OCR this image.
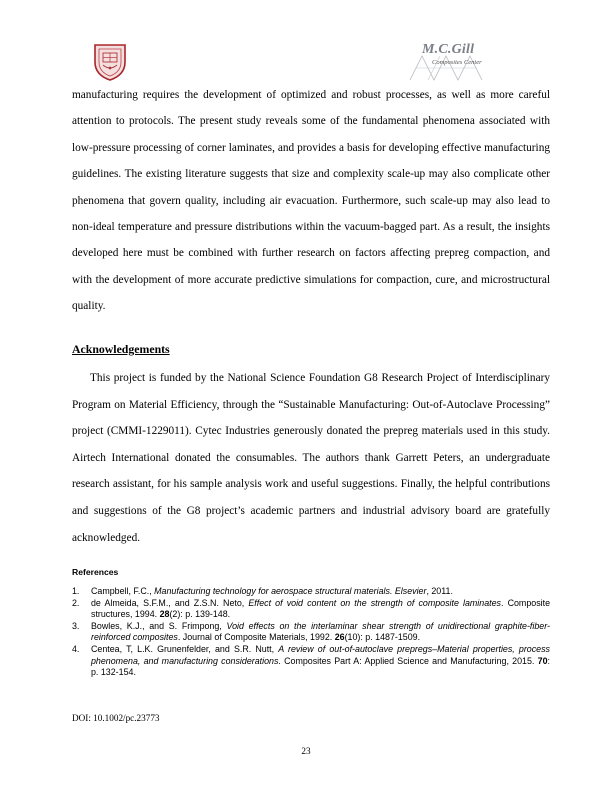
M.C.Gill
Composites Center

manufacturing requires the development of optimized and robust processes, as well as more careful attention to protocols. The present study reveals some of the fundamental phenomena associated with low-pressure processing of corner laminates, and provides a basis for developing effective manufacturing guidelines. The existing literature suggests that size and complexity scale-up may also complicate other phenomena that govern quality, including air evacuation. Furthermore, such scale-up may also lead to non-ideal temperature and pressure distributions within the vacuum-bagged part. As a result, the insights developed here must be combined with further research on factors affecting prepreg compaction, and with the development of more accurate predictive simulations for compaction, cure, and microstructural quality.

Acknowledgements

This project is funded by the National Science Foundation G8 Research Project of Interdisciplinary Program on Material Efficiency, through the “Sustainable Manufacturing: Out-of-Autoclave Processing” project (CMMI-1229011). Cytec Industries generously donated the prepreg materials used in this study. Airtech International donated the consumables. The authors thank Garrett Peters, an undergraduate research assistant, for his sample analysis work and useful suggestions. Finally, the helpful contributions and suggestions of the G8 project’s academic partners and industrial advisory board are gratefully acknowledged.

References
1. Campbell, F.C., Manufacturing technology for aerospace structural materials. Elsevier, 2011.
2. de Almeida, S.F.M., and Z.S.N. Neto, Effect of void content on the strength of composite laminates. Composite structures, 1994. 28(2): p. 139-148.
3. Bowles, K.J., and S. Frimpong, Void effects on the interlaminar shear strength of unidirectional graphite-fiber-reinforced composites. Journal of Composite Materials, 1992. 26(10): p. 1487-1509.
4. Centea, T, L.K. Grunenfelder, and S.R. Nutt, A review of out-of-autoclave prepregs–Material properties, process phenomena, and manufacturing considerations. Composites Part A: Applied Science and Manufacturing, 2015. 70: p. 132-154.
DOI: 10.1002/pc.23773
23
